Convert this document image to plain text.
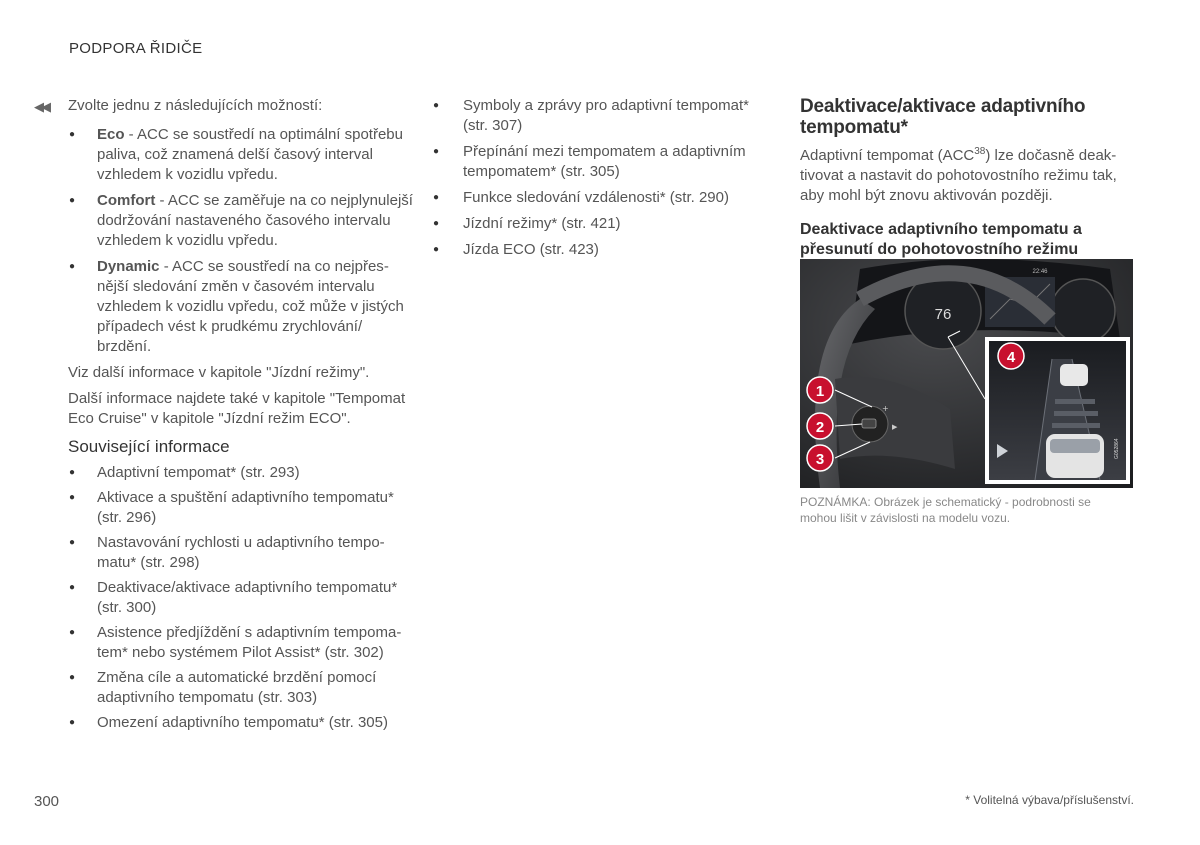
PODPORA ŘIDIČE
◀◀	Zvolte jednu z následujících možností:
● Eco - ACC se soustředí na optimální spotřebu paliva, což znamená delší časový interval vzhledem k vozidlu vpředu.
● Comfort - ACC se zaměřuje na co nejplynulejší dodržování nastaveného časového intervalu vzhledem k vozidlu vpředu.
● Dynamic - ACC se soustředí na co nejpřesnější sledování změn v časovém intervalu vzhledem k vozidlu vpředu, což může v jistých případech vést k prudkému zrychlování/ brzdění.

Viz další informace v kapitole "Jízdní režimy".

Další informace najdete také v kapitole "Tempomat Eco Cruise" v kapitole "Jízdní režim ECO".

Související informace
● Adaptivní tempomat* (str. 293)
● Aktivace a spuštění adaptivního tempomatu* (str. 296)
● Nastavování rychlosti u adaptivního tempomatu* (str. 298)
● Deaktivace/aktivace adaptivního tempomatu* (str. 300)
● Asistence předjíždění s adaptivním tempomatem* nebo systémem Pilot Assist* (str. 302)
● Změna cíle a automatické brzdění pomocí adaptivního tempomatu (str. 303)
● Omezení adaptivního tempomatu* (str. 305)
● Symboly a zprávy pro adaptivní tempomat* (str. 307)
● Přepínání mezi tempomatem a adaptivním tempomatem* (str. 305)
● Funkce sledování vzdálenosti* (str. 290)
● Jízdní režimy* (str. 421)
● Jízda ECO (str. 423)
Deaktivace/aktivace adaptivního tempomatu*

Adaptivní tempomat (ACC$^{38}$) lze dočasně deaktivovat a nastavit do pohotovostního režimu tak, aby mohl být znovu aktivován později.

Deaktivace adaptivního tempomatu a přesunutí do pohotovostního režimu
76
22:46
+
▶
G052864
1
2
3
4
POZNÁMKA: Obrázek je schematický - podrobnosti se mohou lišit v závislosti na modelu vozu.
300	* Volitelná výbava/příslušenství.
